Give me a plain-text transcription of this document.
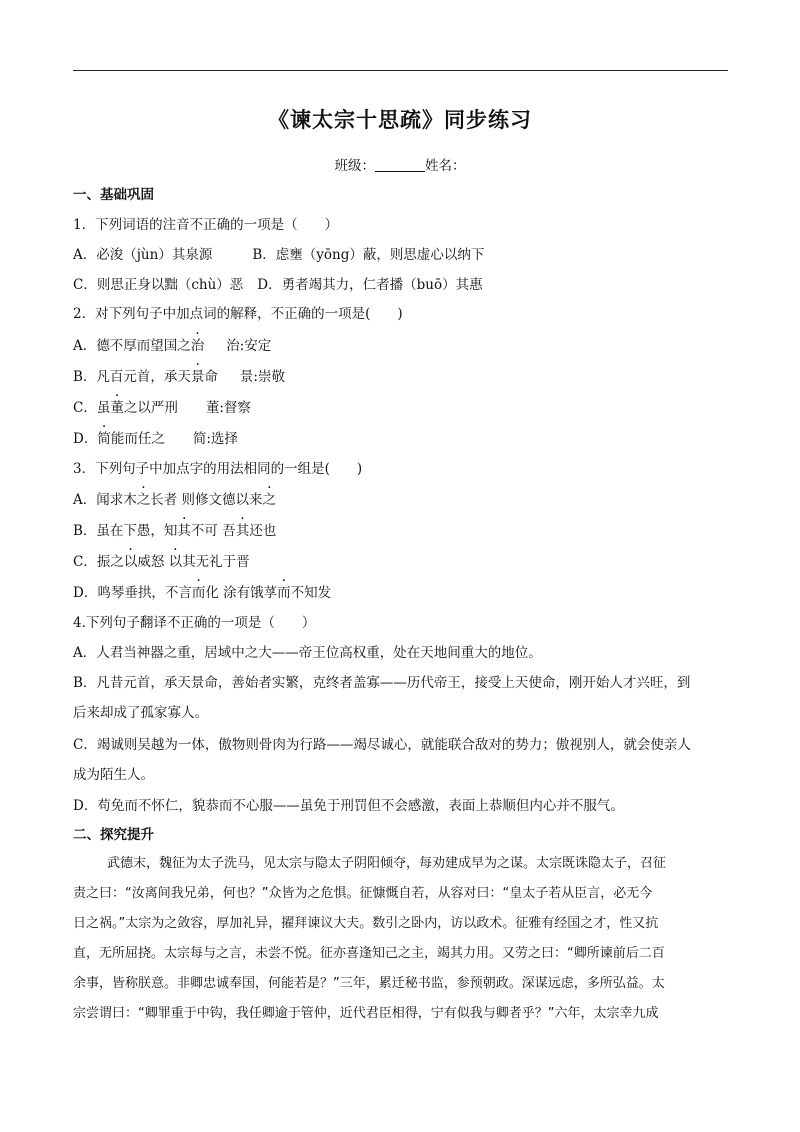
《谏太宗十思疏》同步练习
班级：	姓名：
一、基础巩固
1．下列词语的注音不正确的一项是（　　）
A．必浚（jùn）其泉源	B．虑壅（yōng）蔽，则思虚心以纳下
C．则思正身以黜（chù）恶 D．勇者竭其力，仁者播（buō）其惠
2．对下列句子中加点词的解释，不正确的一项是(　　)
A．德不厚而望国之治 治:安定
B．凡百元首，承天景命 景:崇敬
C．虽董之以严刑 董:督察
D．简能而任之 简:选择
3．下列句子中加点字的用法相同的一组是(　　)
A．闻求木之长者 则修文德以来之
B．虽在下愚，知其不可 吾其还也
C．振之以威怒 以其无礼于晋
D．鸣琴垂拱，不言而化 涂有饿莩而不知发
4.下列句子翻译不正确的一项是（　　）
A．人君当神器之重，居域中之大——帝王位高权重，处在天地间重大的地位。
B．凡昔元首，承天景命，善始者实繁，克终者盖寡——历代帝王，接受上天使命，刚开始人才兴旺，到
后来却成了孤家寡人。
C．竭诚则吴越为一体，傲物则骨肉为行路——竭尽诚心，就能联合敌对的势力；傲视别人，就会使亲人
成为陌生人。
D．苟免而不怀仁，貌恭而不心服——虽免于刑罚但不会感激，表面上恭顺但内心并不服气。
二、探究提升
武德末，魏征为太子洗马，见太宗与隐太子阴阳倾夺，每劝建成早为之谋。太宗既诛隐太子，召征
责之曰：“汝离间我兄弟，何也？”众皆为之危惧。征慷慨自若，从容对曰：“皇太子若从臣言，必无今
日之祸。”太宗为之敛容，厚加礼异，擢拜谏议大夫。数引之卧内，访以政术。征雅有经国之才，性又抗
直，无所屈挠。太宗每与之言，未尝不悦。征亦喜逢知己之主，竭其力用。又劳之曰：“卿所谏前后二百
余事，皆称朕意。非卿忠诚奉国，何能若是？”三年，累迁秘书监，参预朝政。深谋远虑，多所弘益。太
宗尝谓曰：“卿罪重于中钩，我任卿逾于管仲，近代君臣相得，宁有似我与卿者乎？”六年，太宗幸九成
